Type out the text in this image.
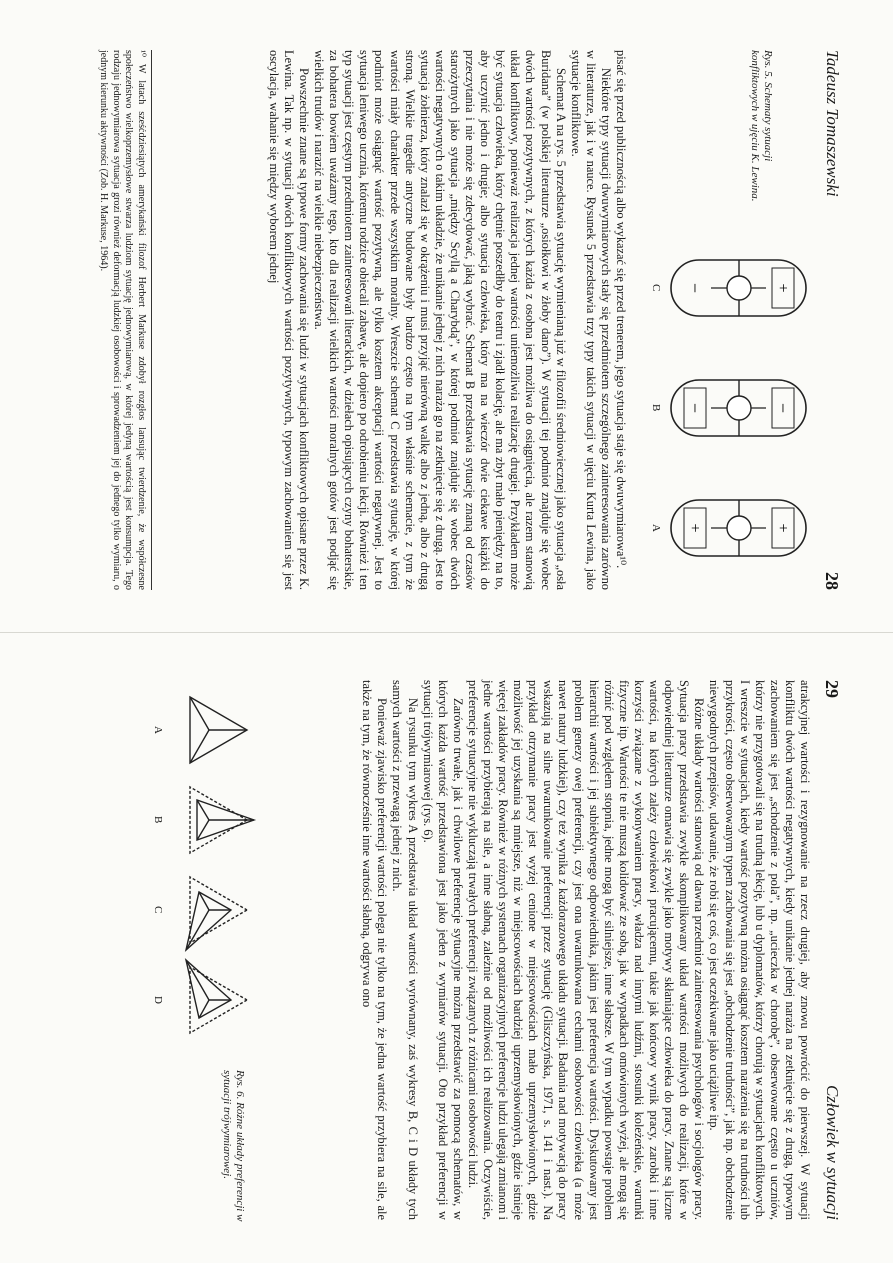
Tadeusz Tomaszewski
28
Rys. 5. Schematy sytuacji konfliktowych w ujęciu K. Lewina.
+
−
−
−
+
+
C
B
A

pisać się przed publicznością albo wykazać się przed trenerem, jego sytuacja staje się dwuwymiarowa¹⁰.

Niektóre typy sytuacji dwuwymiarowych stały się przedmiotem szczególnego zainteresowania zarówno w literaturze, jak i w nauce. Rysunek 5 przedstawia trzy typy takich sytuacji w ujęciu Kurta Lewina, jako sytuacje konfliktowe.

Schemat A na rys. 5 przedstawia sytuację wymienianą już w filozofii średniowiecznej jako sytuacja „osła Buridana” (w polskiej literaturze „osiołkowi w żłoby dano”). W sytuacji tej podmiot znajduje się wobec dwóch wartości pozytywnych, z których każda z osobna jest możliwa do osiągnięcia, ale razem stanowią układ konfliktowy, ponieważ realizacja jednej wartości uniemożliwia realizację drugiej. Przykładem może być sytuacja człowieka, który chętnie poszedłby do teatru i zjadł kolację, ale ma zbyt mało pieniędzy na to, aby uczynić jedno i drugie; albo sytuacja człowieka, który ma na wieczór dwie ciekawe książki do przeczytania i nie może się zdecydować, jaką wybrać. Schemat B przedstawia sytuację znaną od czasów starożytnych jako sytuacja „między Scyllą a Charybdą”, w której podmiot znajduje się wobec dwóch wartości negatywnych o takim układzie, że unikanie jednej z nich naraża go na zetknięcie się z drugą. Jest to sytuacja żołnierza, który znalazł się w okrążeniu i musi przyjąć nierówną walkę albo z jedną, albo z drugą stroną. Wielkie tragedie antyczne budowane były bardzo często na tym właśnie schemacie, z tym że wartości miały charakter przede wszystkim moralny. Wreszcie schemat C przedstawia sytuację, w której podmiot może osiągnąć wartość pozytywną, ale tylko kosztem akceptacji wartości negatywnej. Jest to sytuacja leniwego ucznia, któremu rodzice obiecali zabawę, ale dopiero po odrobieniu lekcji. Również i ten typ sytuacji jest częstym przedmiotem zainteresowań literackich, w dziełach opisujących czyny bohaterskie, za bohatera bowiem uważamy tego, kto dla realizacji wielkich wartości moralnych gotów jest podjąć się wielkich trudów i narazić na wielkie niebezpieczeństwa.

Powszechnie znane są typowe formy zachowania się ludzi w sytuacjach konfliktowych opisane przez K. Lewina. Tak np. w sytuacji dwóch konfliktowych wartości pozytywnych, typowym zachowaniem się jest oscylacja, wahanie się między wyborem jednej

¹⁰ W latach sześćdziesiątych amerykański filozof Herbert Markuse zdobył rozgłos lansując twierdzenie, że współczesne społeczeństwo wielkoprzemysłowe stwarza ludziom sytuację jednowymiarową, w której jedyną wartością jest konsumpcja. Tego rodzaju jednowymiarowa sytuacja grozi również deformacją ludzkiej osobowości i sprowadzeniem jej do jednego tylko wymiaru, o jednym kierunku aktywności (Zob. H. Markuse, 1964).
29
Człowiek w sytuacji

atrakcyjnej wartości i rezygnowanie na rzecz drugiej, aby znowu powrócić do pierwszej. W sytuacji konfliktu dwóch wartości negatywnych, kiedy unikanie jednej naraża na zetknięcie się z drugą, typowym zachowaniem się jest „schodzenie z pola”, np. „ucieczka w chorobę”, obserwowane często u uczniów, którzy nie przygotowali się na trudną lekcję, lub u dyplomatów, którzy chorują w sytuacjach konfliktowych. I wreszcie w sytuacjach, kiedy wartość pozytywną można osiągnąć kosztem narażenia się na trudności lub przykrości, często obserwowanym typem zachowania się jest „obchodzenie trudności”, jak np. obchodzenie niewygodnych przepisów, udawanie, że robi się coś, co jest oczekiwane jako uciążliwe itp.

Różne układy wartości stanowią od dawna przedmiot zainteresowania psychologów i socjologów pracy. Sytuacja pracy przedstawia zwykle skomplikowany układ wartości możliwych do realizacji, które w odpowiedniej literaturze omawia się zwykle jako motywy skłaniające człowieka do pracy. Znane są liczne wartości, na których zależy człowiekowi pracującemu, takie jak końcowy wynik pracy, zarobki i inne korzyści związane z wykonywaniem pracy, władza nad innymi ludźmi, stosunki koleżeńskie, warunki fizyczne itp. Wartości te nie muszą kolidować ze sobą, jak w wypadkach omówionych wyżej, ale mogą się różnić pod względem stopnia, jedne mogą być silniejsze, inne słabsze. W tym wypadku powstaje problem hierarchii wartości i jej subiektywnego odpowiednika, jakim jest preferencja wartości. Dyskutowany jest problem genezy owej preferencji, czy jest ona uwarunkowana cechami osobowości człowieka (a może nawet natury ludzkiej), czy też wynika z każdorazowego układu sytuacji. Badania nad motywacją do pracy wskazują na silne uwarunkowanie preferencji przez sytuację (Gliszczyńska, 1971, s. 141 i nast.). Na przykład otrzymanie pracy jest wyżej cenione w miejscowościach mało uprzemysłowionych, gdzie możliwość jej uzyskania są mniejsze, niż w miejscowościach bardziej uprzemysłowionych, gdzie istnieje więcej zakładów pracy. Również w różnych systemach organizacyjnych preferencje ludzi ulegają zmianom i jedne wartości przybierają na sile, a inne słabną, zależnie od możliwości ich realizowania. Oczywiście, preferencje sytuacyjne nie wykluczają trwałych preferencji związanych z różnicami osobowości ludzi.

Zarówno trwałe, jak i chwilowe preferencje sytuacyjne można przedstawić za pomocą schematów, w których każda wartość przedstawiona jest jako jeden z wymiarów sytuacji. Oto przykład preferencji w sytuacji trójwymiarowej (rys. 6).

Na rysunku tym wykres A przedstawia układ wartości wyrównany, zaś wykresy B, C i D układy tych samych wartości z przewagą jednej z nich.

Ponieważ zjawisko preferencji wartości polega nie tylko na tym, że jedna wartość przybiera na sile, ale także na tym, że równocześnie inne wartości słabną, odgrywa ono

Rys. 6. Różne układy preferencji w sytuacji trójwymiarowej.
A
B
C
D
